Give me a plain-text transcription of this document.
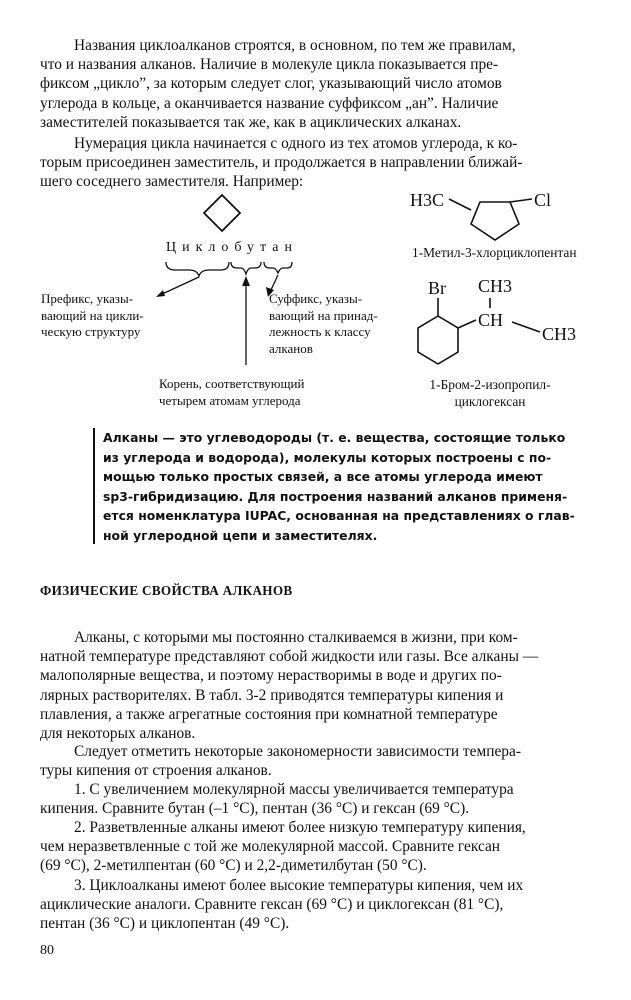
Названия циклоалканов строятся, в основном, по тем же правилам,
что и названия алканов. Наличие в молекуле цикла показывается пре-
фиксом „цикло”, за которым следует слог, указывающий число атомов
углерода в кольце, а оканчивается название суффиксом „ан”. Наличие
заместителей показывается так же, как в ациклических алканах.
Нумерация цикла начинается с одного из тех атомов углерода, к ко-
торым присоединен заместитель, и продолжается в направлении ближай-
шего соседнего заместителя. Например:

Циклобутан

Префикс, указы-
вающий на цикли-
ческую структуру
Суффикс, указы-
вающий на принад-
лежность к классу
алканов
Корень, соответствующий
четырем атомам углерода
H3C	Cl

1-Метил-3-хлорциклопентан

Br CH3
CH
CH3
1-Бром-2-изопропил-
циклогексан
Алканы — это углеводороды (т. е. вещества, состоящие только
из углерода и водорода), молекулы которых построены с по-
мощью только простых связей, а все атомы углерода имеют
sp3-гибридизацию. Для построения названий алканов применя-
ется номенклатура IUPAC, основанная на представлениях о глав-
ной углеродной цепи и заместителях.

ФИЗИЧЕСКИЕ СВОЙСТВА АЛКАНОВ

Алканы, с которыми мы постоянно сталкиваемся в жизни, при ком-
натной температуре представляют собой жидкости или газы. Все алканы —
малополярные вещества, и поэтому нерастворимы в воде и других по-
лярных растворителях. В табл. 3-2 приводятся температуры кипения и
плавления, а также агрегатные состояния при комнатной температуре
для некоторых алканов.
Следует отметить некоторые закономерности зависимости темпера-
туры кипения от строения алканов.
1. С увеличением молекулярной массы увеличивается температура
кипения. Сравните бутан (–1 °С), пентан (36 °С) и гексан (69 °С).
2. Разветвленные алканы имеют более низкую температуру кипения,
чем неразветвленные с той же молекулярной массой. Сравните гексан
(69 °С), 2-метилпентан (60 °С) и 2,2-диметилбутан (50 °С).
3. Циклоалканы имеют более высокие температуры кипения, чем их
ациклические аналоги. Сравните гексан (69 °С) и циклогексан (81 °С),
пентан (36 °С) и циклопентан (49 °С).

80
